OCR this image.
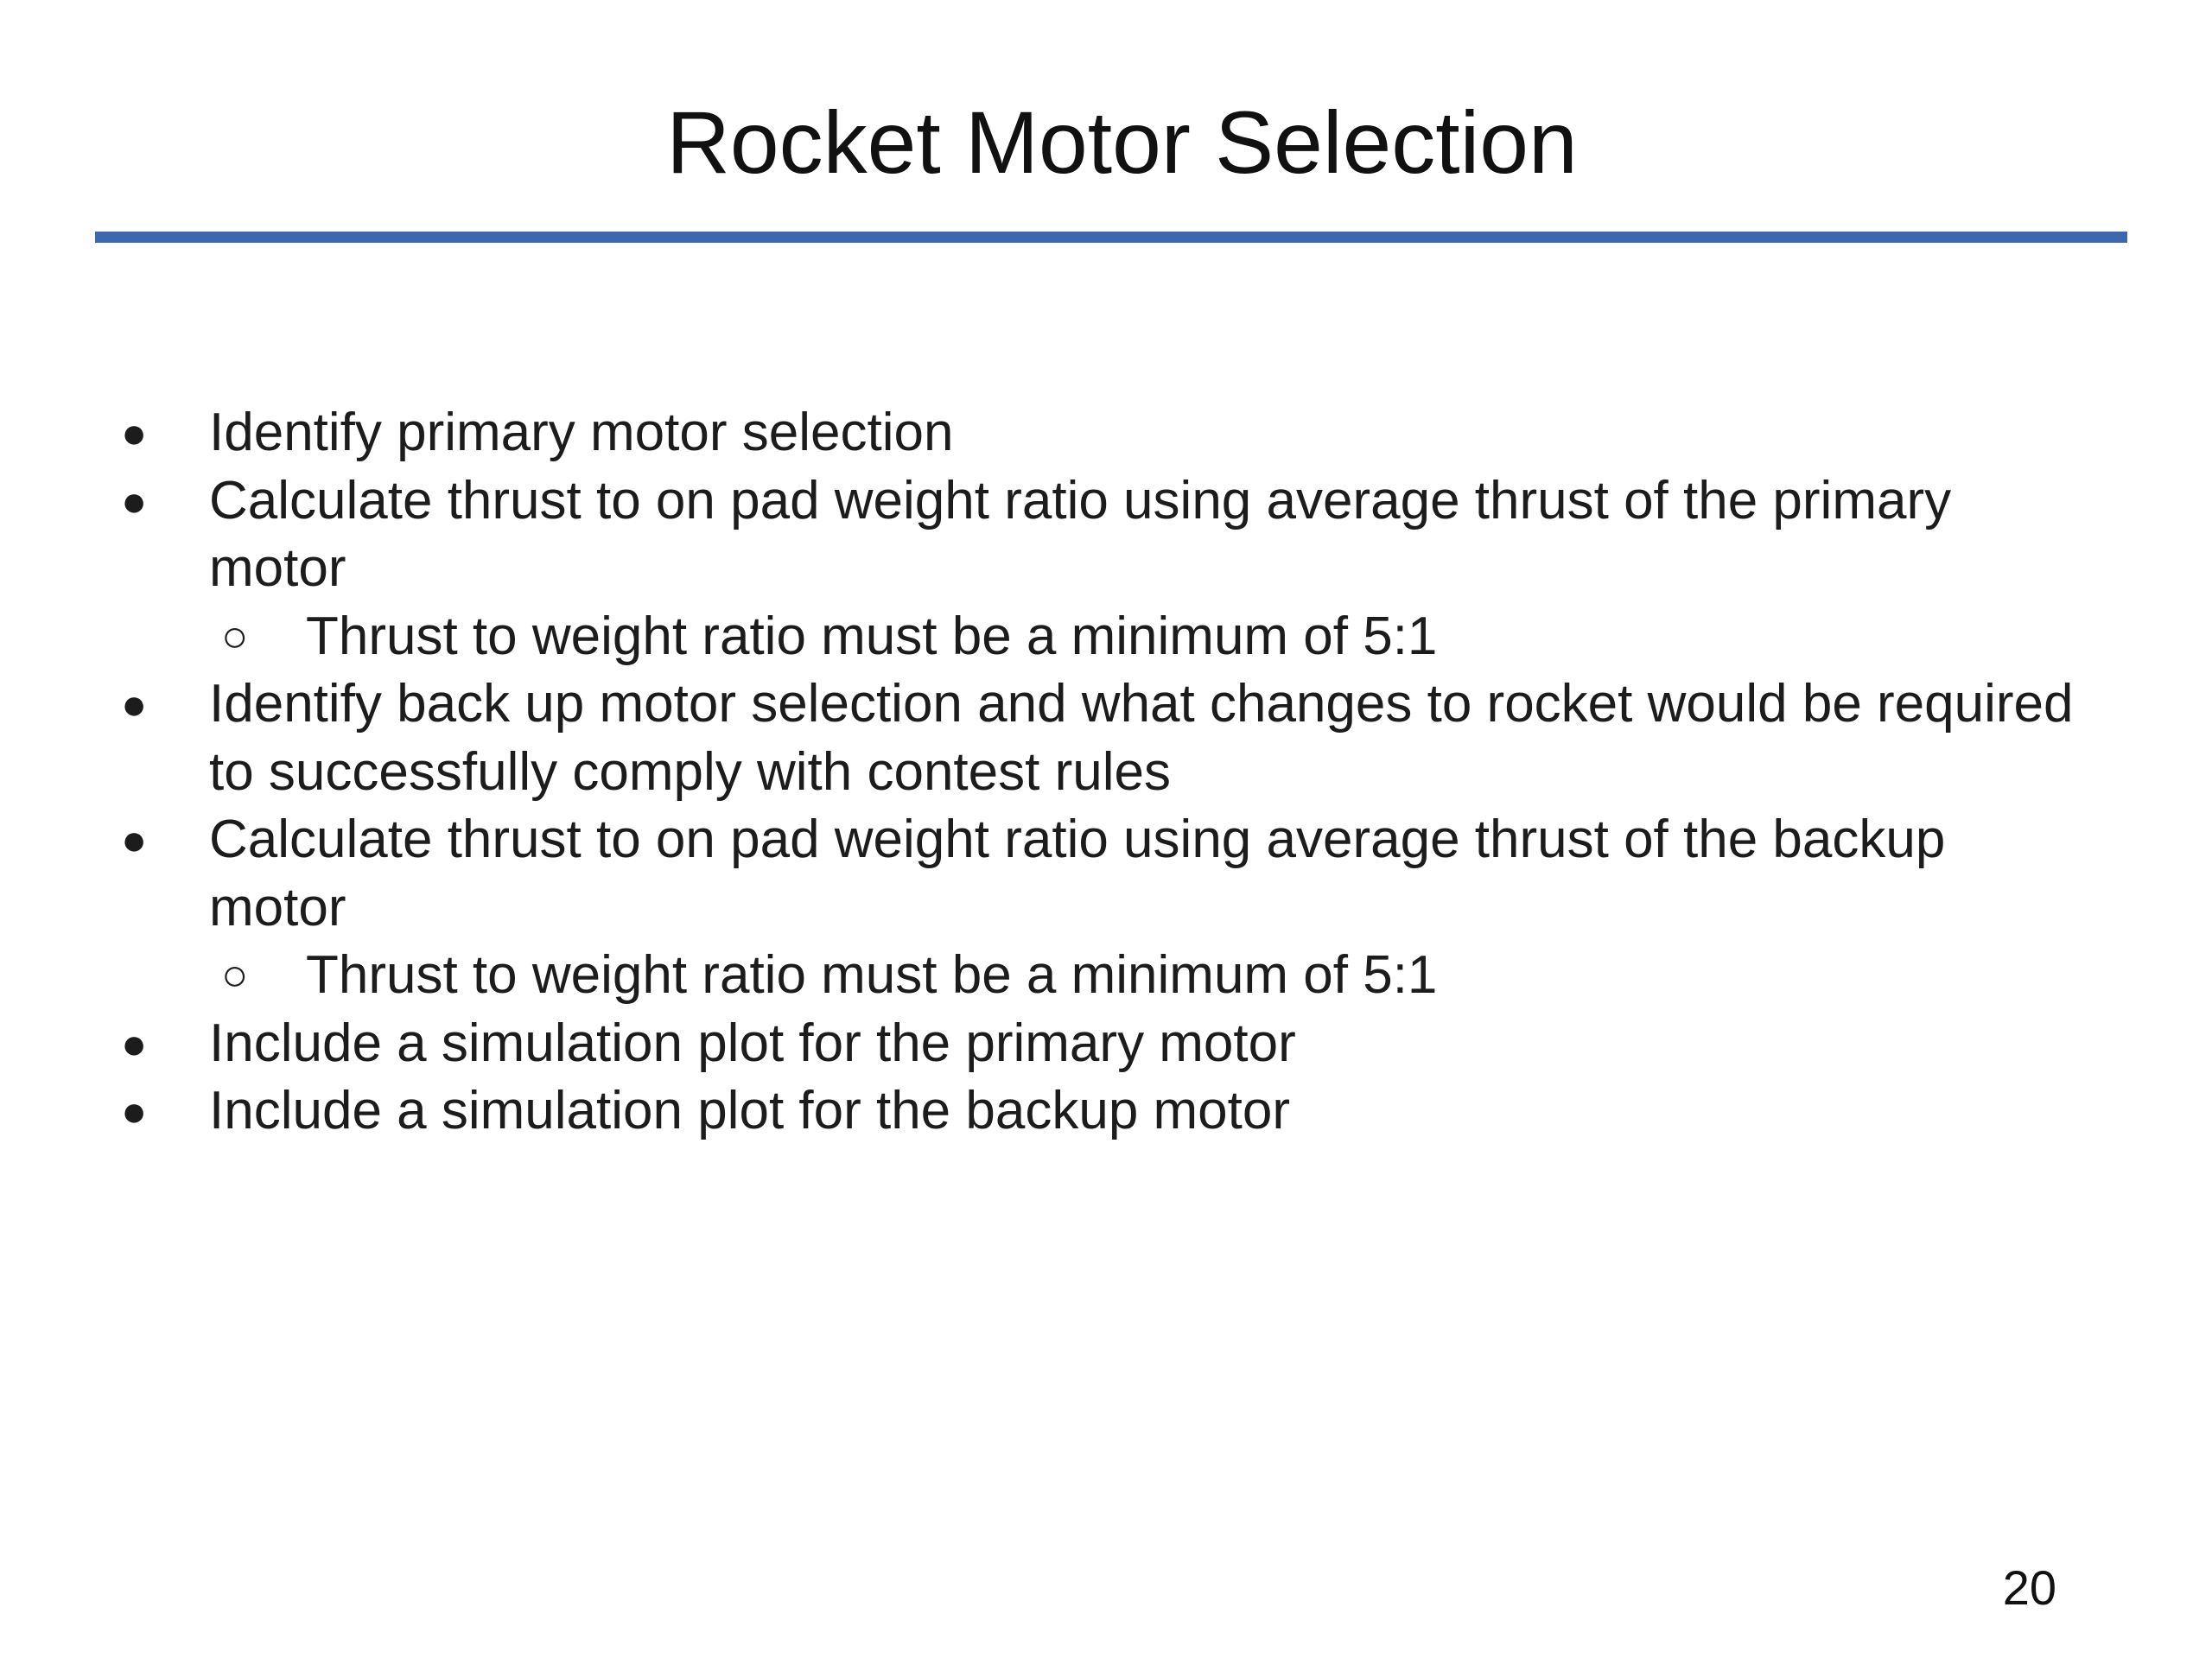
Rocket Motor Selection
● Identify primary motor selection
● Calculate thrust to on pad weight ratio using average thrust of the primary motor
○ Thrust to weight ratio must be a minimum of 5:1
● Identify back up motor selection and what changes to rocket would be required to successfully comply with contest rules
● Calculate thrust to on pad weight ratio using average thrust of the backup motor
○ Thrust to weight ratio must be a minimum of 5:1
● Include a simulation plot for the primary motor
● Include a simulation plot for the backup motor
20
